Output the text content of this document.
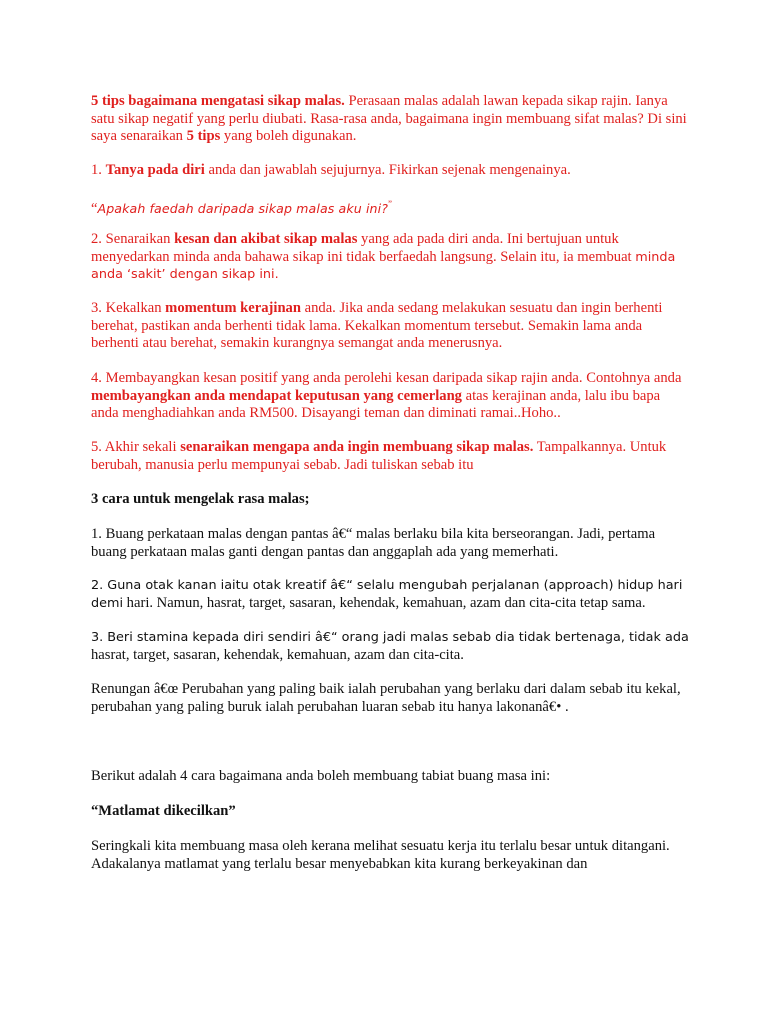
5 tips bagaimana mengatasi sikap malas. Perasaan malas adalah lawan kepada sikap rajin. Ianya satu sikap negatif yang perlu diubati. Rasa-rasa anda, bagaimana ingin membuang sifat malas? Di sini saya senaraikan 5 tips yang boleh digunakan.

1. Tanya pada diri anda dan jawablah sejujurnya. Fikirkan sejenak mengenainya.

“Apakah faedah daripada sikap malas aku ini?”

2. Senaraikan kesan dan akibat sikap malas yang ada pada diri anda. Ini bertujuan untuk menyedarkan minda anda bahawa sikap ini tidak berfaedah langsung. Selain itu, ia membuat minda anda ‘sakit’ dengan sikap ini.

3. Kekalkan momentum kerajinan anda. Jika anda sedang melakukan sesuatu dan ingin berhenti berehat, pastikan anda berhenti tidak lama. Kekalkan momentum tersebut. Semakin lama anda berhenti atau berehat, semakin kurangnya semangat anda menerusnya.

4. Membayangkan kesan positif yang anda perolehi kesan daripada sikap rajin anda. Contohnya anda membayangkan anda mendapat keputusan yang cemerlang atas kerajinan anda, lalu ibu bapa anda menghadiahkan anda RM500. Disayangi teman dan diminati ramai..Hoho..

5. Akhir sekali senaraikan mengapa anda ingin membuang sikap malas. Tampalkannya. Untuk berubah, manusia perlu mempunyai sebab. Jadi tuliskan sebab itu

3 cara untuk mengelak rasa malas;

1. Buang perkataan malas dengan pantas â€“ malas berlaku bila kita berseorangan. Jadi, pertama buang perkataan malas ganti dengan pantas dan anggaplah ada yang memerhati.

2. Guna otak kanan iaitu otak kreatif â€“ selalu mengubah perjalanan (approach) hidup hari demi hari. Namun, hasrat, target, sasaran, kehendak, kemahuan, azam dan cita-cita tetap sama.

3. Beri stamina kepada diri sendiri â€“ orang jadi malas sebab dia tidak bertenaga, tidak ada hasrat, target, sasaran, kehendak, kemahuan, azam dan cita-cita.

Renungan â€œ Perubahan yang paling baik ialah perubahan yang berlaku dari dalam sebab itu kekal, perubahan yang paling buruk ialah perubahan luaran sebab itu hanya lakonanâ€• .

Berikut adalah 4 cara bagaimana anda boleh membuang tabiat buang masa ini:

“Matlamat dikecilkan”

Seringkali kita membuang masa oleh kerana melihat sesuatu kerja itu terlalu besar untuk ditangani. Adakalanya matlamat yang terlalu besar menyebabkan kita kurang berkeyakinan dan
